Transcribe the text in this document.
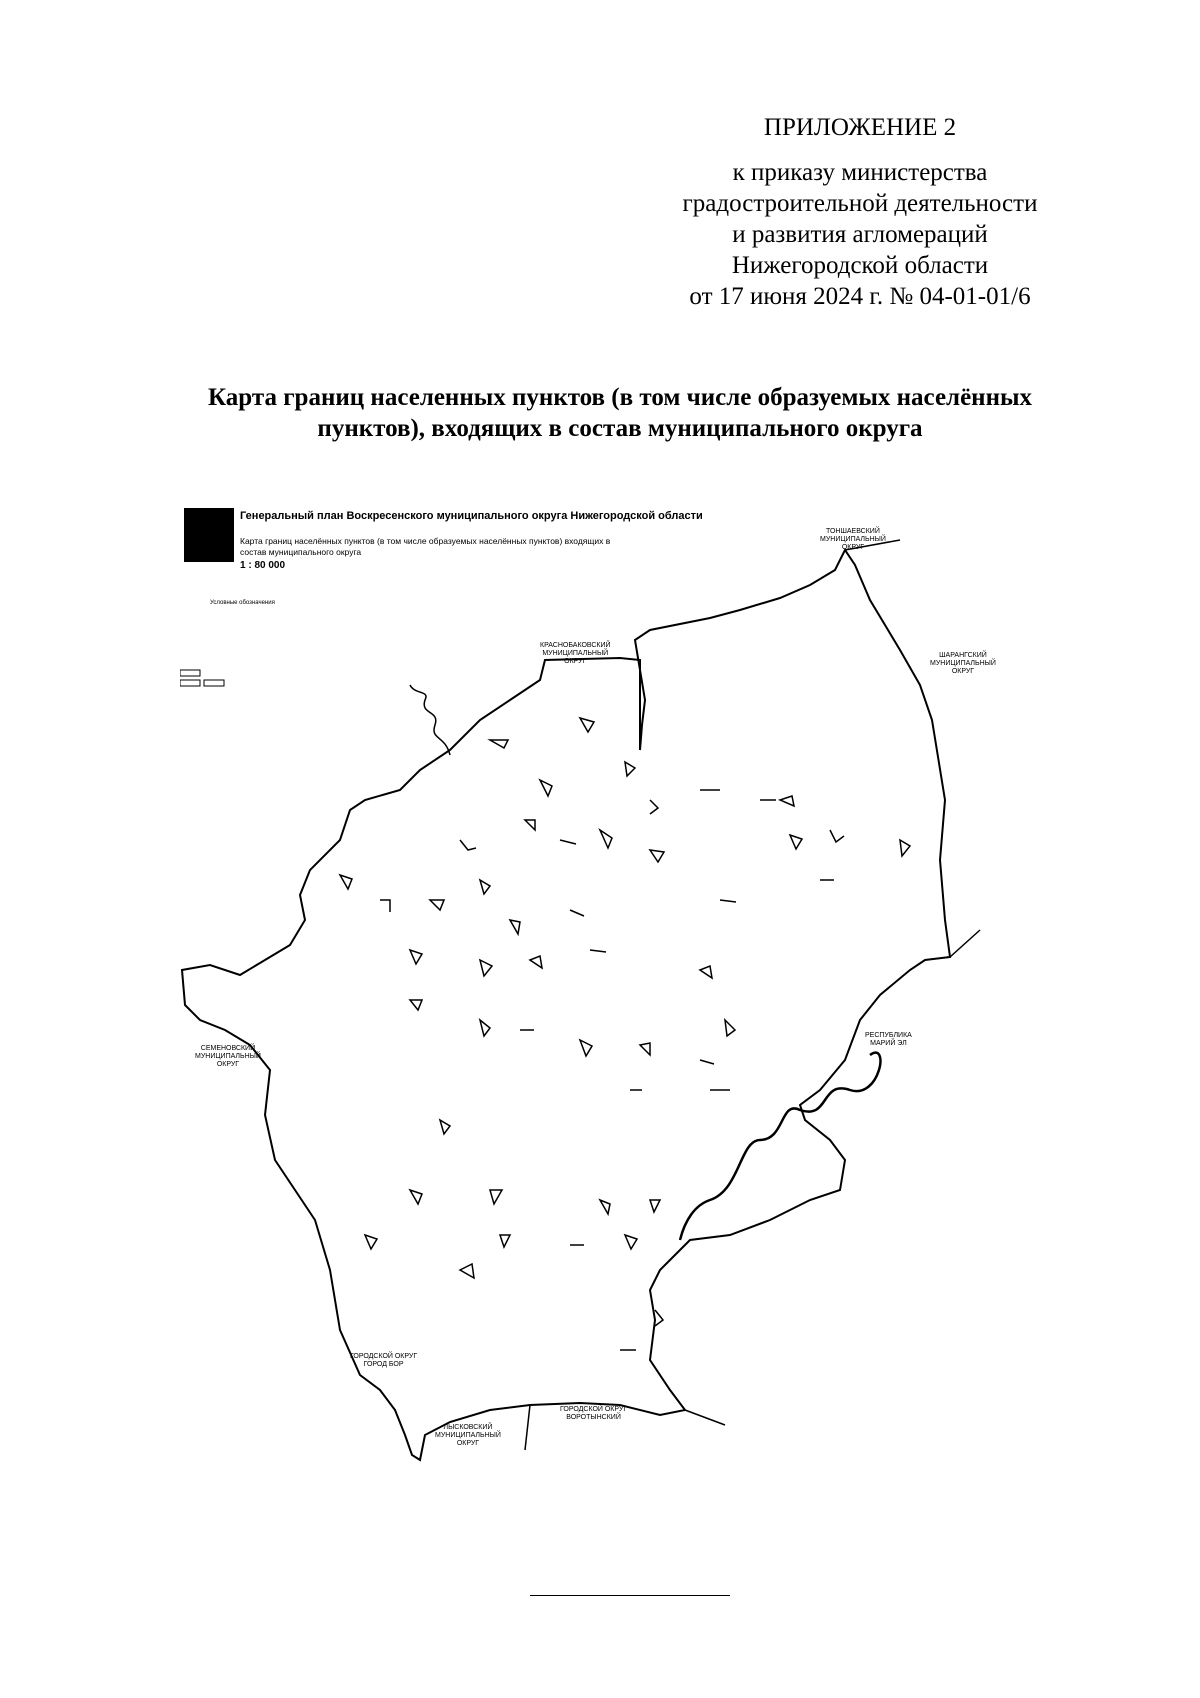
ПРИЛОЖЕНИЕ 2
к приказу министерства
градостроительной деятельности
и развития агломераций
Нижегородской области
от 17 июня 2024 г. № 04-01-01/6
Карта границ населенных пунктов (в том числе образуемых населённых
пунктов), входящих в состав муниципального округа
Генеральный план Воскресенского муниципального округа Нижегородской области
Карта границ населённых пунктов (в том числе образуемых населённых пунктов) входящих в состав муниципального округа
1 : 80 000
Условные обозначения
ТОНШАЕВСКИЙ
МУНИЦИПАЛЬНЫЙ
ОКРУГ
КРАСНОБАКОВСКИЙ
МУНИЦИПАЛЬНЫЙ
ОКРУГ
ШАРАНГСКИЙ
МУНИЦИПАЛЬНЫЙ
ОКРУГ
РЕСПУБЛИКА
МАРИЙ ЭЛ
СЕМЕНОВСКИЙ
МУНИЦИПАЛЬНЫЙ
ОКРУГ
ГОРОДСКОЙ ОКРУГ
ГОРОД БОР
ЛЫСКОВСКИЙ
МУНИЦИПАЛЬНЫЙ
ОКРУГ
ГОРОДСКОЙ ОКРУГ
ВОРОТЫНСКИЙ
